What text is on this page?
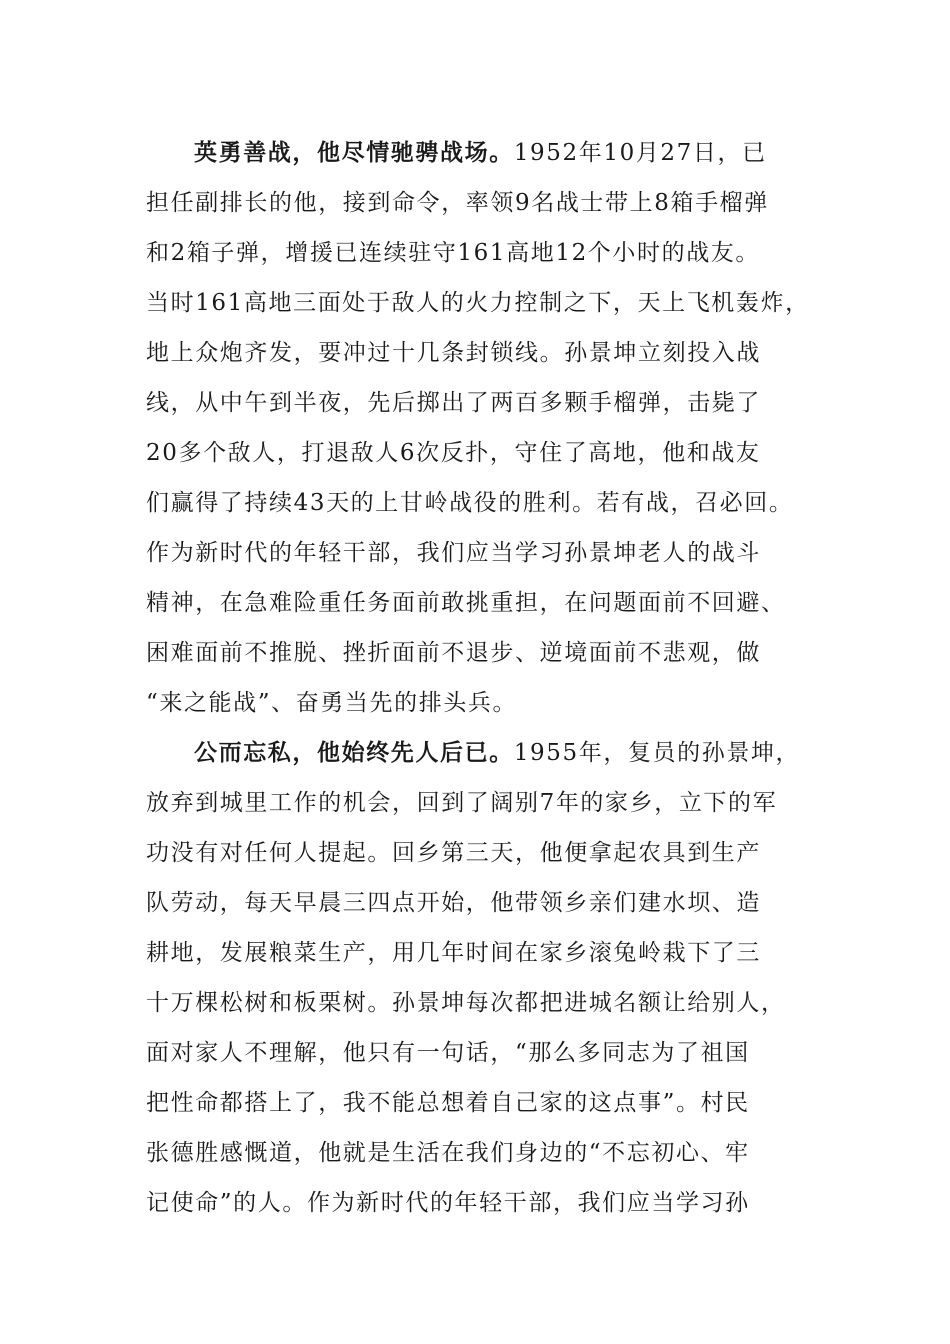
英勇善战，他尽情驰骋战场。1952年10月27日，已
担任副排长的他，接到命令，率领9名战士带上8箱手榴弹
和2箱子弹，增援已连续驻守161高地12个小时的战友。
当时161高地三面处于敌人的火力控制之下，天上飞机轰炸，
地上众炮齐发，要冲过十几条封锁线。孙景坤立刻投入战
线，从中午到半夜，先后掷出了两百多颗手榴弹，击毙了
20多个敌人，打退敌人6次反扑，守住了高地，他和战友
们赢得了持续43天的上甘岭战役的胜利。若有战，召必回。
作为新时代的年轻干部，我们应当学习孙景坤老人的战斗
精神，在急难险重任务面前敢挑重担，在问题面前不回避、
困难面前不推脱、挫折面前不退步、逆境面前不悲观，做
“来之能战”、奋勇当先的排头兵。
公而忘私，他始终先人后已。1955年，复员的孙景坤，
放弃到城里工作的机会，回到了阔别7年的家乡，立下的军
功没有对任何人提起。回乡第三天，他便拿起农具到生产
队劳动，每天早晨三四点开始，他带领乡亲们建水坝、造
耕地，发展粮菜生产，用几年时间在家乡滚兔岭栽下了三
十万棵松树和板栗树。孙景坤每次都把进城名额让给别人，
面对家人不理解，他只有一句话，“那么多同志为了祖国
把性命都搭上了，我不能总想着自己家的这点事”。村民
张德胜感慨道，他就是生活在我们身边的“不忘初心、牢
记使命”的人。作为新时代的年轻干部，我们应当学习孙
